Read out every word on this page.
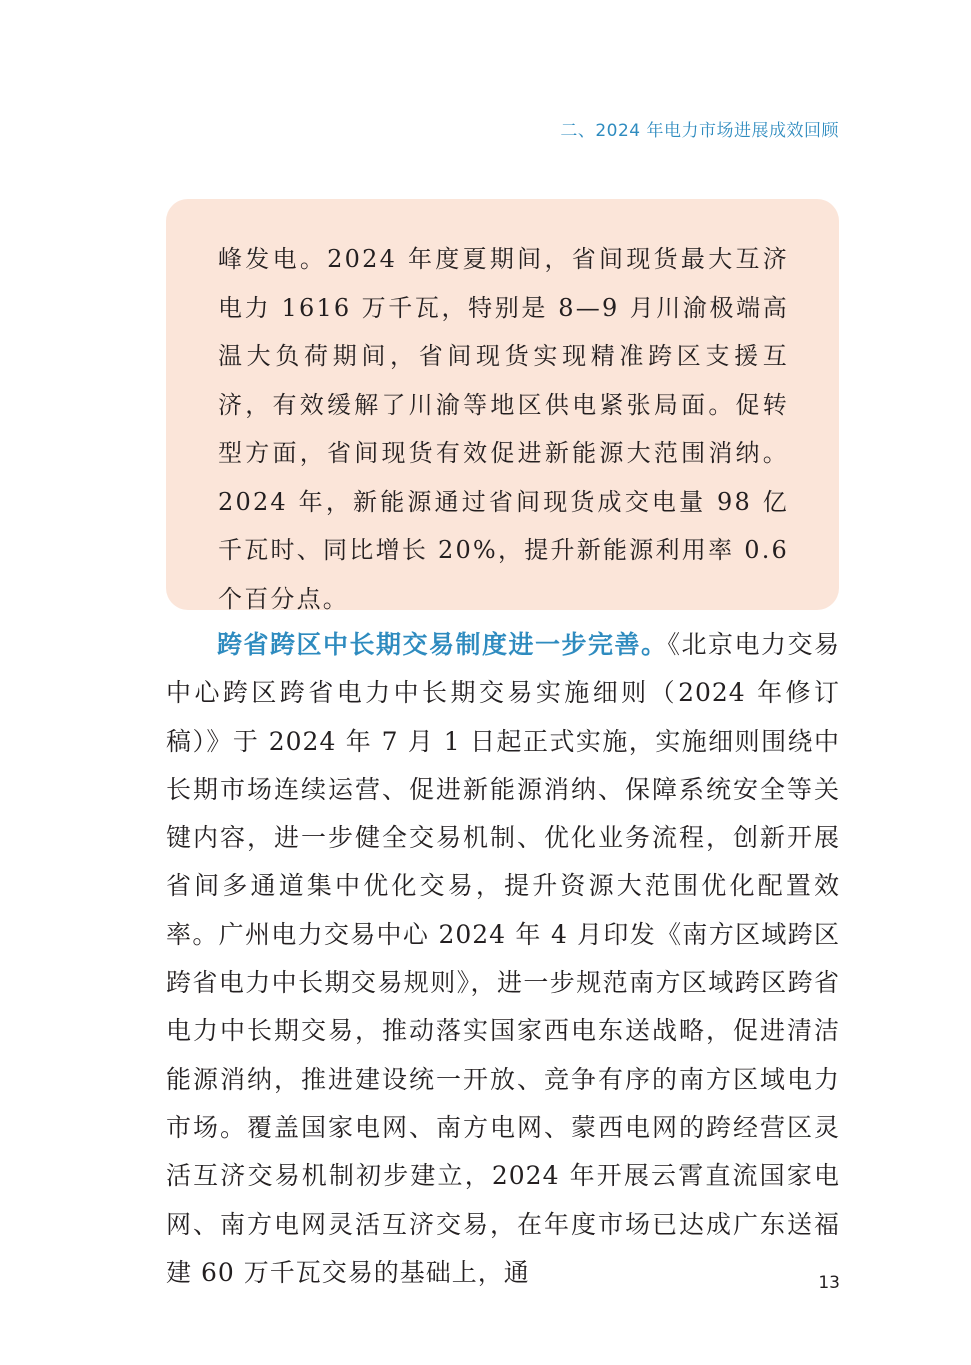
二、2024 年电力市场进展成效回顾

峰发电。2024 年度夏期间，省间现货最大互济电力 1616 万千瓦，特别是 8—9 月川渝极端高温大负荷期间，省间现货实现精准跨区支援互济，有效缓解了川渝等地区供电紧张局面。促转型方面，省间现货有效促进新能源大范围消纳。2024 年，新能源通过省间现货成交电量 98 亿千瓦时、同比增长 20%，提升新能源利用率 0.6 个百分点。

跨省跨区中长期交易制度进一步完善。《北京电力交易中心跨区跨省电力中长期交易实施细则（2024 年修订稿）》于 2024 年 7 月 1 日起正式实施，实施细则围绕中长期市场连续运营、促进新能源消纳、保障系统安全等关键内容，进一步健全交易机制、优化业务流程，创新开展省间多通道集中优化交易，提升资源大范围优化配置效率。广州电力交易中心 2024 年 4 月印发《南方区域跨区跨省电力中长期交易规则》，进一步规范南方区域跨区跨省电力中长期交易，推动落实国家西电东送战略，促进清洁能源消纳，推进建设统一开放、竞争有序的南方区域电力市场。覆盖国家电网、南方电网、蒙西电网的跨经营区灵活互济交易机制初步建立，2024 年开展云霄直流国家电网、南方电网灵活互济交易，在年度市场已达成广东送福建 60 万千瓦交易的基础上，通	13
